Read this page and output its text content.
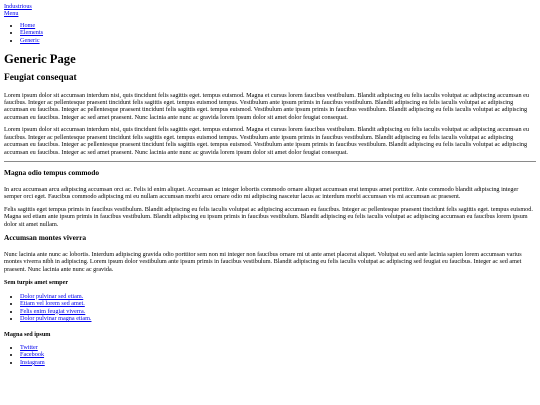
Industrious
Menu
• Home
• Elements
• Generic
Generic Page
Feugiat consequat

Lorem ipsum dolor sit accumsan interdum nisi, quis tincidunt felis sagittis eget. tempus euismod. Magna et cursus lorem faucibus vestibulum. Blandit adipiscing eu felis iaculis volutpat ac adipiscing accumsan eu faucibus. Integer ac pellentesque praesent tincidunt felis sagittis eget. tempus euismod tempus. Vestibulum ante ipsum primis in faucibus vestibulum. Blandit adipiscing eu felis iaculis volutpat ac adipiscing accumsan eu faucibus. Integer ac pellentesque praesent tincidunt felis sagittis eget. tempus euismod. Vestibulum ante ipsum primis in faucibus vestibulum. Blandit adipiscing eu felis iaculis volutpat ac adipiscing accumsan eu faucibus. Integer ac sed amet praesent. Nunc lacinia ante nunc ac gravida lorem ipsum dolor sit amet dolor feugiat consequat.

Lorem ipsum dolor sit accumsan interdum nisi, quis tincidunt felis sagittis eget. tempus euismod. Magna et cursus lorem faucibus vestibulum. Blandit adipiscing eu felis iaculis volutpat ac adipiscing accumsan eu faucibus. Integer ac pellentesque praesent tincidunt felis sagittis eget. tempus euismod tempus. Vestibulum ante ipsum primis in faucibus vestibulum. Blandit adipiscing eu felis iaculis volutpat ac adipiscing accumsan eu faucibus. Integer ac pellentesque praesent tincidunt felis sagittis eget. tempus euismod. Vestibulum ante ipsum primis in faucibus vestibulum. Blandit adipiscing eu felis iaculis volutpat ac adipiscing accumsan eu faucibus. Integer ac sed amet praesent. Nunc lacinia ante nunc ac gravida lorem ipsum dolor sit amet dolor feugiat consequat.

Magna odio tempus commodo

In arcu accumsan arcu adipiscing accumsan orci ac. Felis id enim aliquet. Accumsan ac integer lobortis commodo ornare aliquet accumsan erat tempus amet porttitor. Ante commodo blandit adipiscing integer semper orci eget. Faucibus commodo adipiscing mi eu nullam accumsan morbi arcu ornare odio mi adipiscing nascetur lacus ac interdum morbi accumsan vis mi accumsan ac praesent.

Felis sagittis eget tempus primis in faucibus vestibulum. Blandit adipiscing eu felis iaculis volutpat ac adipiscing accumsan eu faucibus. Integer ac pellentesque praesent tincidunt felis sagittis eget. tempus euismod. Magna sed etiam ante ipsum primis in faucibus vestibulum. Blandit adipiscing eu ipsum primis in faucibus vestibulum. Blandit adipiscing eu felis iaculis volutpat ac adipiscing accumsan eu faucibus lorem ipsum dolor sit amet nullam.

Accumsan montes viverra

Nunc lacinia ante nunc ac lobortis. Interdum adipiscing gravida odio porttitor sem non mi integer non faucibus ornare mi ut ante amet placerat aliquet. Volutpat eu sed ante lacinia sapien lorem accumsan varius montes viverra nibh in adipiscing. Lorem ipsum dolor vestibulum ante ipsum primis in faucibus vestibulum. Blandit adipiscing eu felis iaculis volutpat ac adipiscing sed feugiat eu faucibus. Integer ac sed amet praesent. Nunc lacinia ante nunc ac gravida.

Sem turpis amet semper
• Dolor pulvinar sed etiam.
• Etiam vel lorem sed amet.
• Felis enim feugiat viverra.
• Dolor pulvinar magna etiam.
Magna sed ipsum
• Twitter
• Facebook
• Instagram
